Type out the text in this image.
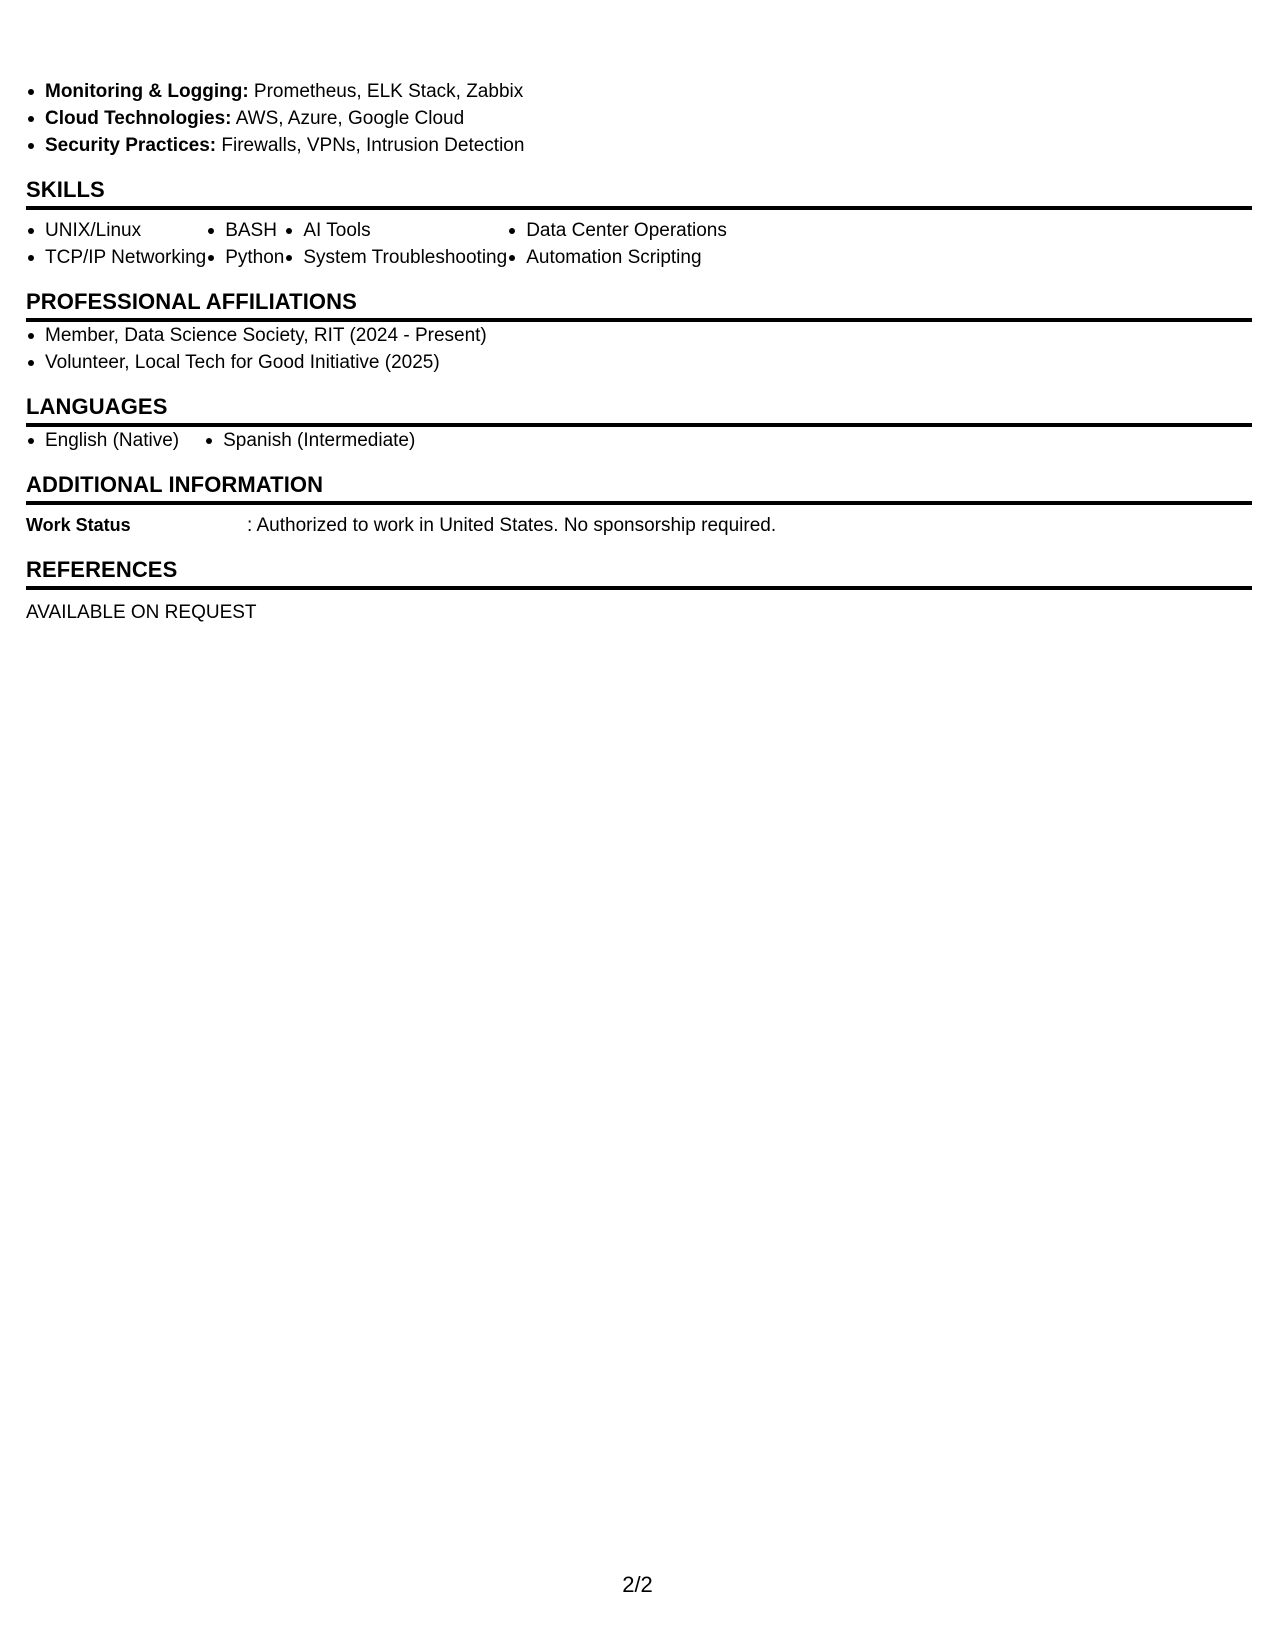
Monitoring & Logging: Prometheus, ELK Stack, Zabbix
Cloud Technologies: AWS, Azure, Google Cloud
Security Practices: Firewalls, VPNs, Intrusion Detection
SKILLS
UNIX/Linux
TCP/IP Networking
BASH
Python
AI Tools
System Troubleshooting
Data Center Operations
Automation Scripting
PROFESSIONAL AFFILIATIONS
Member, Data Science Society, RIT (2024 - Present)
Volunteer, Local Tech for Good Initiative (2025)
LANGUAGES
English (Native)	Spanish (Intermediate)
ADDITIONAL INFORMATION
Work Status	: Authorized to work in United States. No sponsorship required.
REFERENCES
AVAILABLE ON REQUEST
2/2
